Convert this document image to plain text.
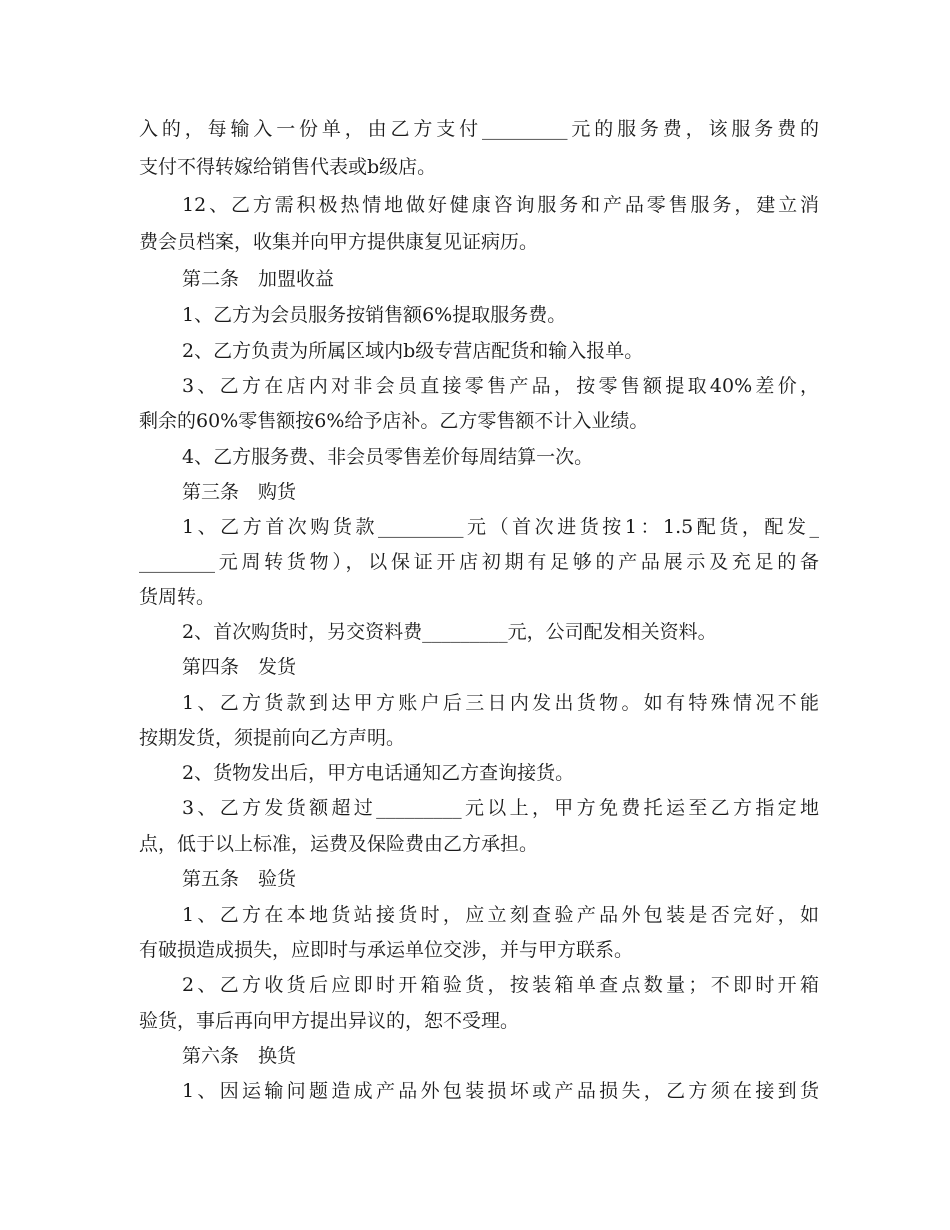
入的，每输入一份单，由乙方支付_________元的服务费，该服务费的
支付不得转嫁给销售代表或b级店。
12、乙方需积极热情地做好健康咨询服务和产品零售服务，建立消
费会员档案，收集并向甲方提供康复见证病历。
第二条　加盟收益
1、乙方为会员服务按销售额6%提取服务费。
2、乙方负责为所属区域内b级专营店配货和输入报单。
3、乙方在店内对非会员直接零售产品，按零售额提取40%差价，
剩余的60%零售额按6%给予店补。乙方零售额不计入业绩。
4、乙方服务费、非会员零售差价每周结算一次。
第三条　购货
1、乙方首次购货款_________元（首次进货按1：1.5配货，配发_
________元周转货物），以保证开店初期有足够的产品展示及充足的备
货周转。
2、首次购货时，另交资料费_________元，公司配发相关资料。
第四条　发货
1、乙方货款到达甲方账户后三日内发出货物。如有特殊情况不能
按期发货，须提前向乙方声明。
2、货物发出后，甲方电话通知乙方查询接货。
3、乙方发货额超过_________元以上，甲方免费托运至乙方指定地
点，低于以上标准，运费及保险费由乙方承担。
第五条　验货
1、乙方在本地货站接货时，应立刻查验产品外包装是否完好，如
有破损造成损失，应即时与承运单位交涉，并与甲方联系。
2、乙方收货后应即时开箱验货，按装箱单查点数量；不即时开箱
验货，事后再向甲方提出异议的，恕不受理。
第六条　换货
1、因运输问题造成产品外包装损坏或产品损失，乙方须在接到货
